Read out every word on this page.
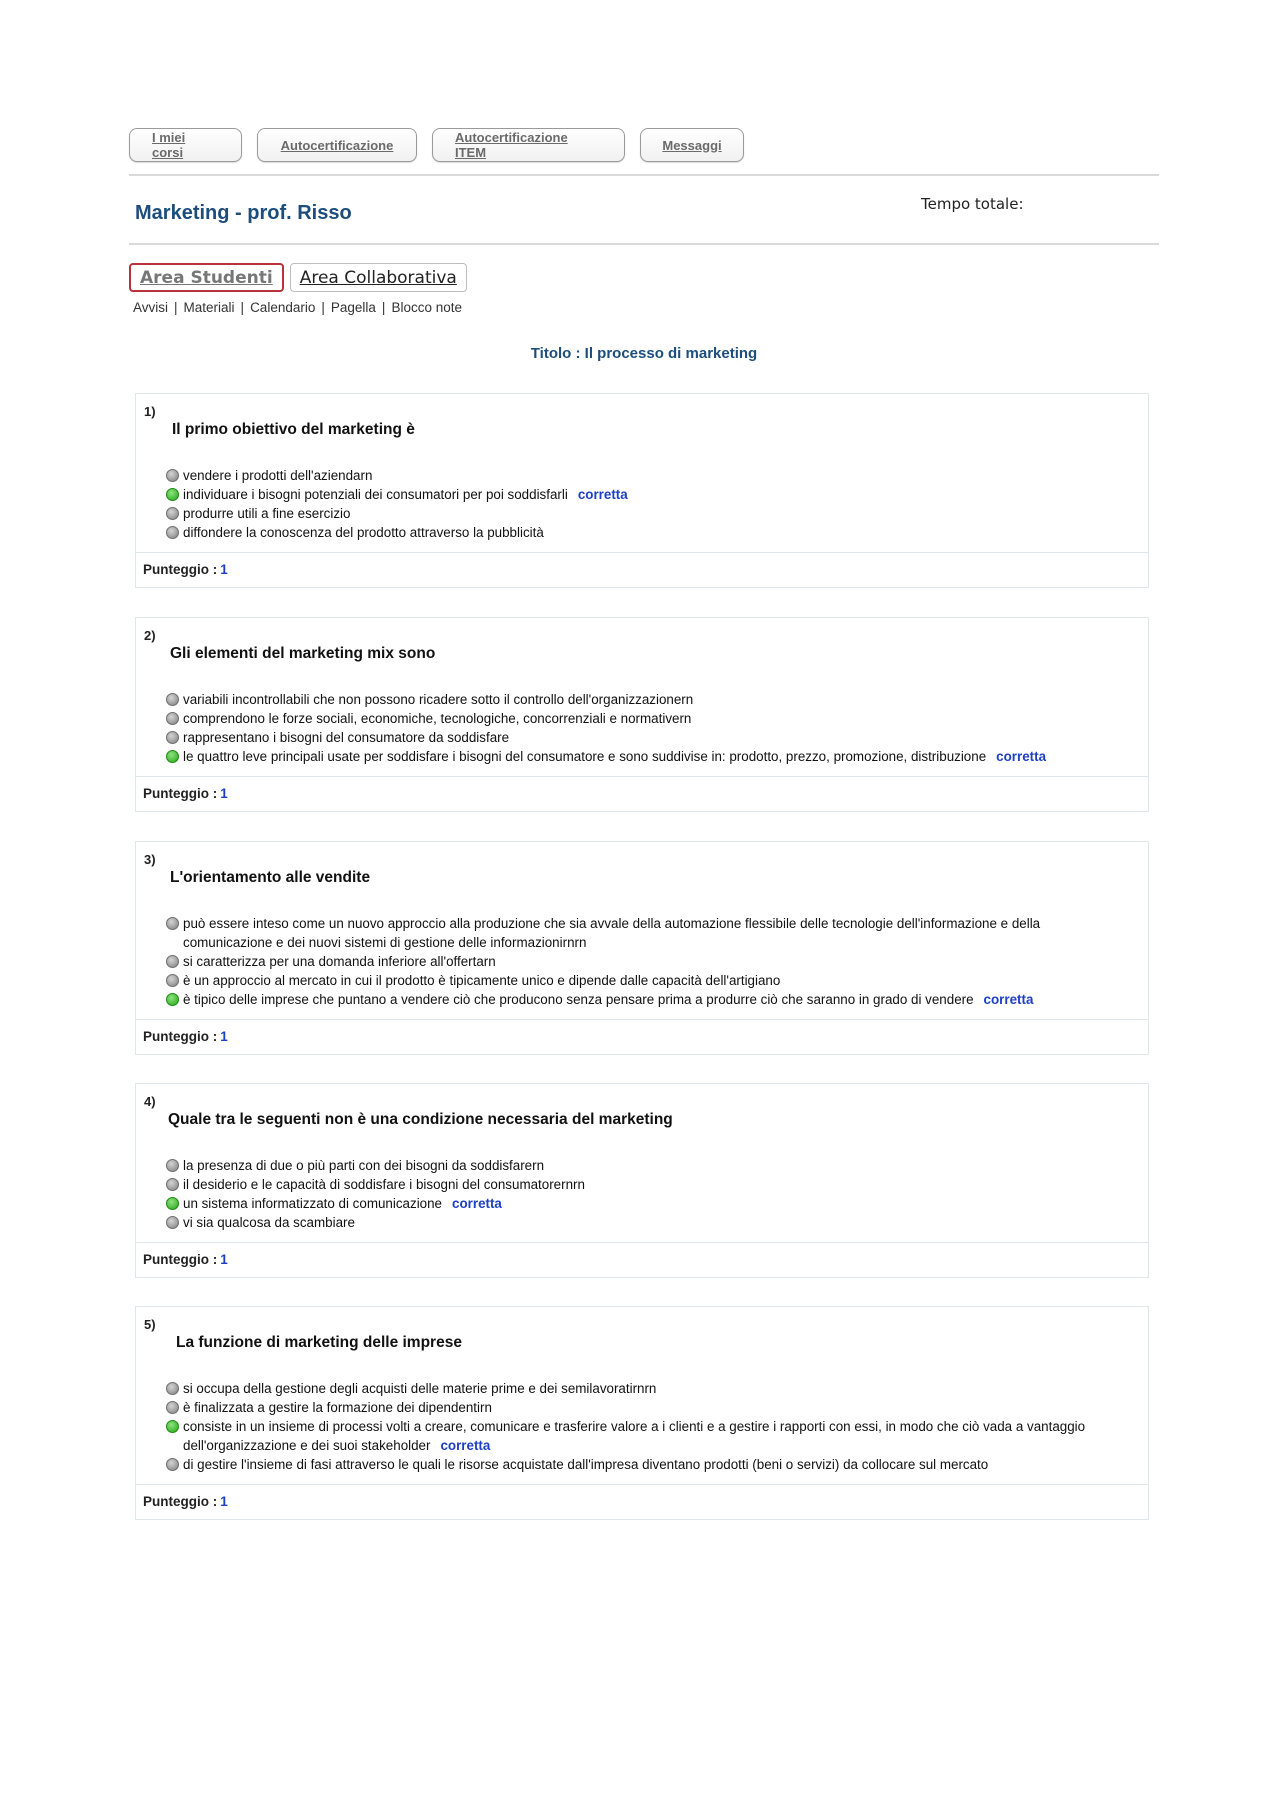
I miei corsi	Autocertificazione	Autocertificazione ITEM	Messaggi
Marketing - prof. Risso	Tempo totale:
Area Studenti	Area Collaborativa
Avvisi | Materiali | Calendario | Pagella | Blocco note
Titolo : Il processo di marketing
1)
Il primo obiettivo del marketing è
vendere i prodotti dell'aziendarn
individuare i bisogni potenziali dei consumatori per poi soddisfarli corretta
produrre utili a fine esercizio
diffondere la conoscenza del prodotto attraverso la pubblicità
Punteggio : 1
2)
Gli elementi del marketing mix sono
variabili incontrollabili che non possono ricadere sotto il controllo dell'organizzazionern
comprendono le forze sociali, economiche, tecnologiche, concorrenziali e normativern
rappresentano i bisogni del consumatore da soddisfare
le quattro leve principali usate per soddisfare i bisogni del consumatore e sono suddivise in: prodotto, prezzo, promozione, distribuzione corretta
Punteggio : 1
3)
L'orientamento alle vendite
può essere inteso come un nuovo approccio alla produzione che sia avvale della automazione flessibile delle tecnologie dell'informazione e della comunicazione e dei nuovi sistemi di gestione delle informazionirnrn
si caratterizza per una domanda inferiore all'offertarn
è un approccio al mercato in cui il prodotto è tipicamente unico e dipende dalle capacità dell'artigiano
è tipico delle imprese che puntano a vendere ciò che producono senza pensare prima a produrre ciò che saranno in grado di vendere corretta
Punteggio : 1
4)
Quale tra le seguenti non è una condizione necessaria del marketing
la presenza di due o più parti con dei bisogni da soddisfarern
il desiderio e le capacità di soddisfare i bisogni del consumatorernrn
un sistema informatizzato di comunicazione corretta
vi sia qualcosa da scambiare
Punteggio : 1
5)
La funzione di marketing delle imprese
si occupa della gestione degli acquisti delle materie prime e dei semilavoratirnrn
è finalizzata a gestire la formazione dei dipendentirn
consiste in un insieme di processi volti a creare, comunicare e trasferire valore a i clienti e a gestire i rapporti con essi, in modo che ciò vada a vantaggio dell'organizzazione e dei suoi stakeholder corretta
di gestire l'insieme di fasi attraverso le quali le risorse acquistate dall'impresa diventano prodotti (beni o servizi) da collocare sul mercato
Punteggio : 1
